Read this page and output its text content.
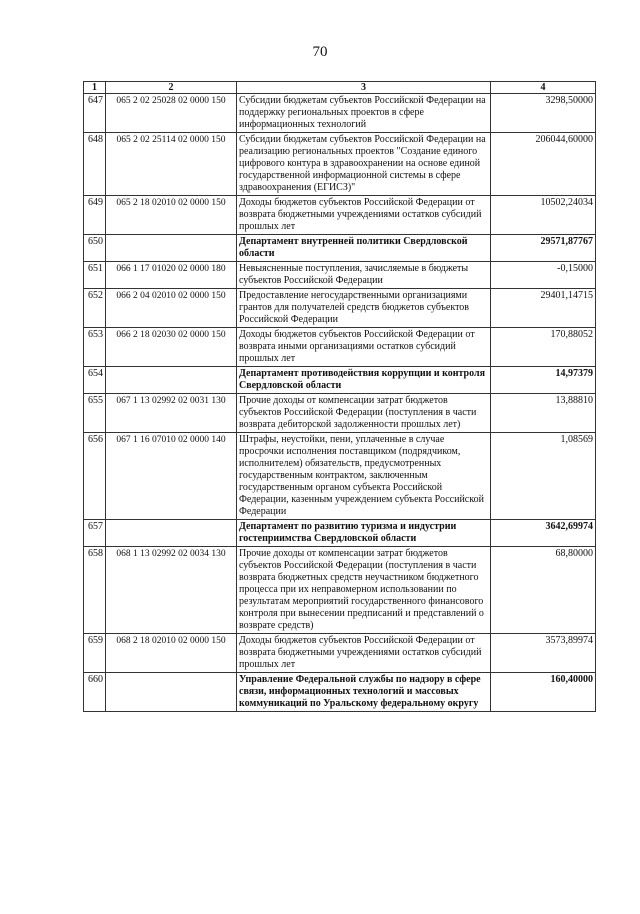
70
1	2	3	4
647	065 2 02 25028 02 0000 150	Субсидии бюджетам субъектов Российской Федерации на поддержку региональных проектов в сфере информационных технологий	3298,50000
648	065 2 02 25114 02 0000 150	Субсидии бюджетам субъектов Российской Федерации на реализацию региональных проектов "Создание единого цифрового контура в здравоохранении на основе единой государственной информационной системы в сфере здравоохранения (ЕГИСЗ)"	206044,60000
649	065 2 18 02010 02 0000 150	Доходы бюджетов субъектов Российской Федерации от возврата бюджетными учреждениями остатков субсидий прошлых лет	10502,24034
650		Департамент внутренней политики Свердловской области	29571,87767
651	066 1 17 01020 02 0000 180	Невыясненные поступления, зачисляемые в бюджеты субъектов Российской Федерации	-0,15000
652	066 2 04 02010 02 0000 150	Предоставление негосударственными организациями грантов для получателей средств бюджетов субъектов Российской Федерации	29401,14715
653	066 2 18 02030 02 0000 150	Доходы бюджетов субъектов Российской Федерации от возврата иными организациями остатков субсидий прошлых лет	170,88052
654		Департамент противодействия коррупции и контроля Свердловской области	14,97379
655	067 1 13 02992 02 0031 130	Прочие доходы от компенсации затрат бюджетов субъектов Российской Федерации (поступления в части возврата дебиторской задолженности прошлых лет)	13,88810
656	067 1 16 07010 02 0000 140	Штрафы, неустойки, пени, уплаченные в случае просрочки исполнения поставщиком (подрядчиком, исполнителем) обязательств, предусмотренных государственным контрактом, заключенным государственным органом субъекта Российской Федерации, казенным учреждением субъекта Российской Федерации	1,08569
657		Департамент по развитию туризма и индустрии гостеприимства Свердловской области	3642,69974
658	068 1 13 02992 02 0034 130	Прочие доходы от компенсации затрат бюджетов субъектов Российской Федерации (поступления в части возврата бюджетных средств неучастником бюджетного процесса при их неправомерном использовании по результатам мероприятий государственного финансового контроля при вынесении предписаний и представлений о возврате средств)	68,80000
659	068 2 18 02010 02 0000 150	Доходы бюджетов субъектов Российской Федерации от возврата бюджетными учреждениями остатков субсидий прошлых лет	3573,89974
660		Управление Федеральной службы по надзору в сфере связи, информационных технологий и массовых коммуникаций по Уральскому федеральному округу	160,40000
